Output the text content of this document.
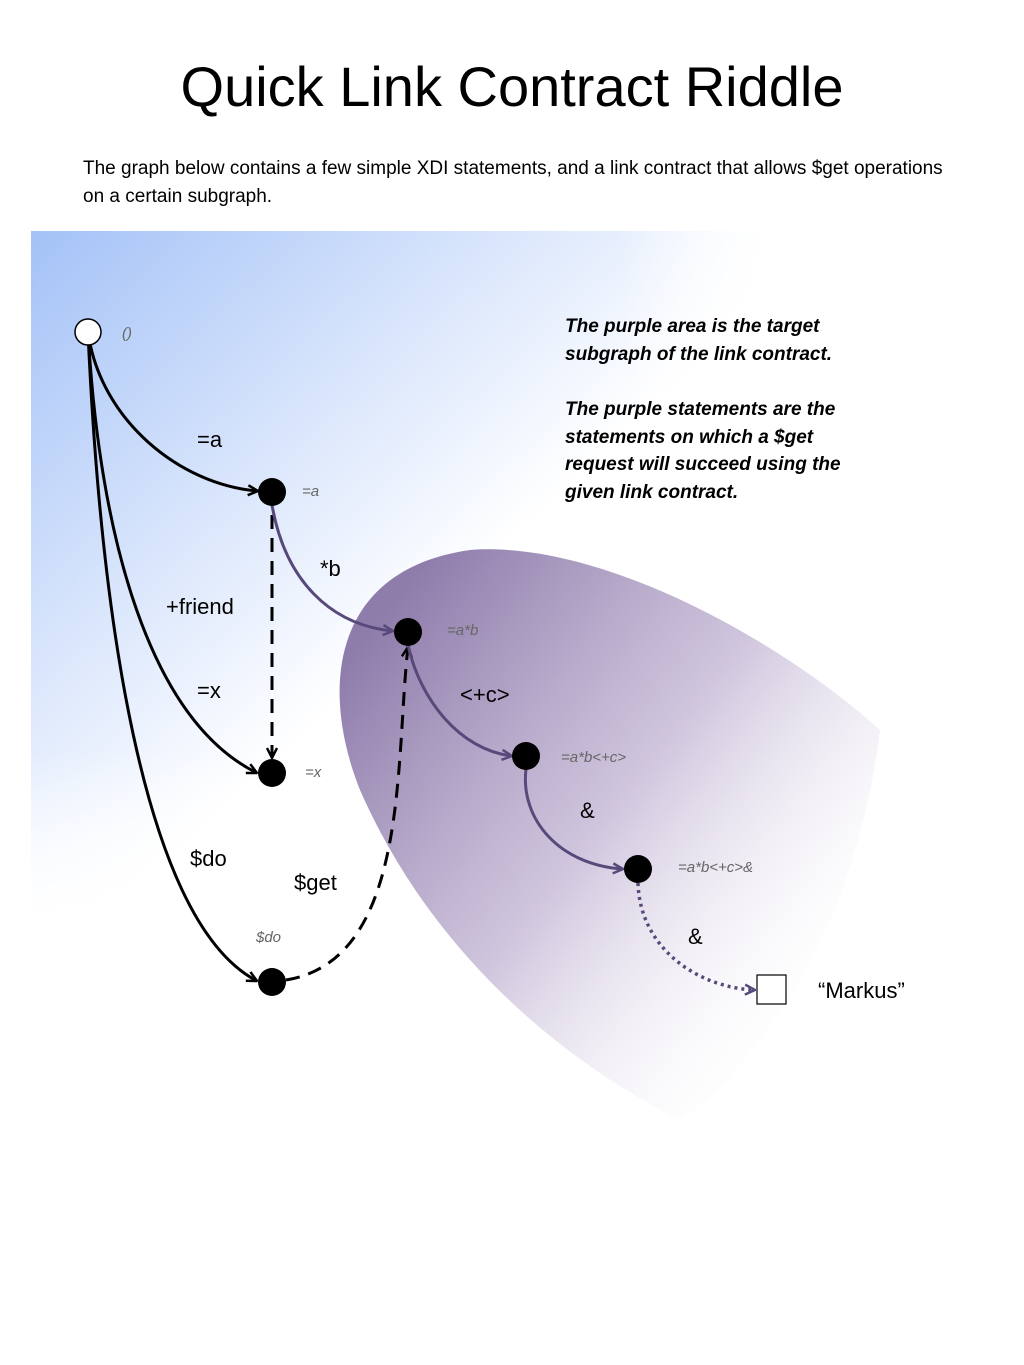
Quick Link Contract Riddle

The graph below contains a few simple XDI statements, and a link contract that allows $get operations on a certain subgraph.

()
=a
=a*b
=x
=a*b<+c>
=a*b<+c>&
$do
“Markus”
=a
*b
+friend
=x	<+c>
&
$do
$get
&

The purple area is the target subgraph of the link contract.

The purple statements are the statements on which a $get request will succeed using the given link contract.
